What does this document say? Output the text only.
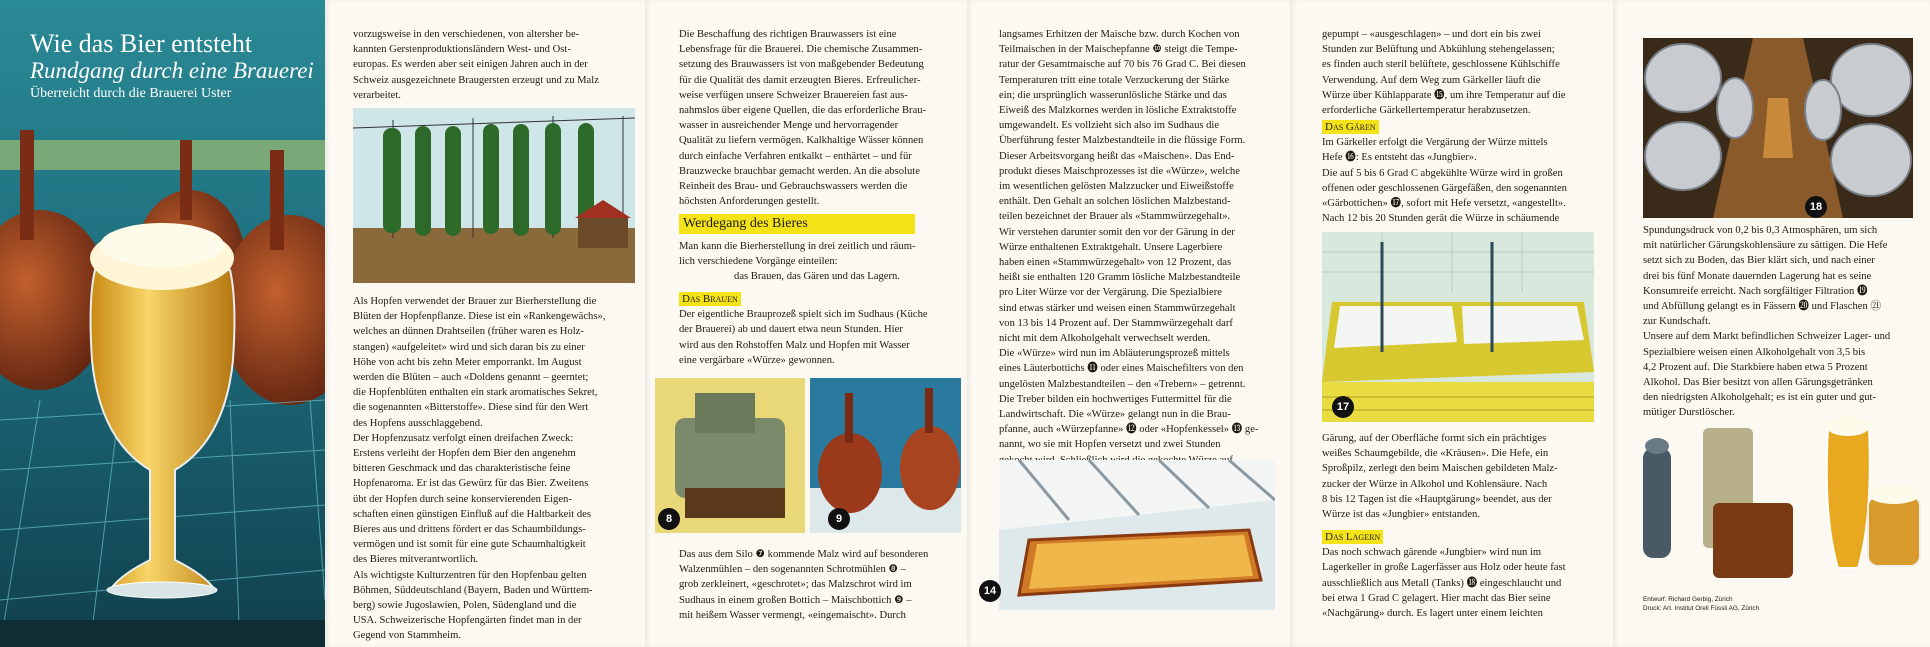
Wie das Bier entsteht
Rundgang durch eine Brauerei
Überreicht durch die Brauerei Uster

vorzugsweise in den verschiedenen, von altersher be-

kannten Gerstenproduktionsländern West- und Ost-

europas. Es werden aber seit einigen Jahren auch in der

Schweiz ausgezeichnete Braugersten erzeugt und zu Malz

verarbeitet.

Als Hopfen verwendet der Brauer zur Bierherstellung die

Blüten der Hopfenpflanze. Diese ist ein «Rankengewächs»,

welches an dünnen Drahtseilen (früher waren es Holz-

stangen) «aufgeleitet» wird und sich daran bis zu einer

Höhe von acht bis zehn Meter emporrankt. Im August

werden die Blüten – auch «Doldens genannt – geerntet;

die Hopfenblüten enthalten ein stark aromatisches Sekret,

die sogenannten «Bitterstoffe». Diese sind für den Wert

des Hopfens ausschlaggebend.

Der Hopfenzusatz verfolgt einen dreifachen Zweck:

Erstens verleiht der Hopfen dem Bier den angenehm

bitteren Geschmack und das charakteristische feine

Hopfenaroma. Er ist das Gewürz für das Bier. Zweitens

übt der Hopfen durch seine konservierenden Eigen-

schaften einen günstigen Einfluß auf die Haltbarkeit des

Bieres aus und drittens fördert er das Schaumbildungs-

vermögen und ist somit für eine gute Schaumhaltigkeit

des Bieres mitverantwortlich.

Als wichtigste Kulturzentren für den Hopfenbau gelten

Böhmen, Süddeutschland (Bayern, Baden und Württem-

berg) sowie Jugoslawien, Polen, Südengland und die

USA. Schweizerische Hopfengärten findet man in der

Gegend von Stammheim.

Die Beschaffung des richtigen Brauwassers ist eine

Lebensfrage für die Brauerei. Die chemische Zusammen-

setzung des Brauwassers ist von maßgebender Bedeutung

für die Qualität des damit erzeugten Bieres. Erfreulicher-

weise verfügen unsere Schweizer Brauereien fast aus-

nahmslos über eigene Quellen, die das erforderliche Brau-

wasser in ausreichender Menge und hervorragender

Qualität zu liefern vermögen. Kalkhaltige Wässer können

durch einfache Verfahren entkalkt – enthärtet – und für

Brauzwecke brauchbar gemacht werden. An die absolute

Reinheit des Brau- und Gebrauchswassers werden die

höchsten Anforderungen gestellt.

Werdegang des Bieres

Man kann die Bierherstellung in drei zeitlich und räum-

lich verschiedene Vorgänge einteilen:

das Brauen, das Gären und das Lagern.

Das Brauen

Der eigentliche Brauprozeß spielt sich im Sudhaus (Küche

der Brauerei) ab und dauert etwa neun Stunden. Hier

wird aus den Rohstoffen Malz und Hopfen mit Wasser

eine vergärbare «Würze» gewonnen.

8	9

Das aus dem Silo ❼ kommende Malz wird auf besonderen

Walzenmühlen – den sogenannten Schrotmühlen ❽ –

grob zerkleinert, «geschrotet»; das Malzschrot wird im

Sudhaus in einem großen Bottich – Maischbottich ❾ –

mit heißem Wasser vermengt, «eingemaischt». Durch

langsames Erhitzen der Maische bzw. durch Kochen von

Teilmaischen in der Maischepfanne ❿ steigt die Tempe-

ratur der Gesamtmaische auf 70 bis 76 Grad C. Bei diesen

Temperaturen tritt eine totale Verzuckerung der Stärke

ein; die ursprünglich wasserunlösliche Stärke und das

Eiweiß des Malzkornes werden in lösliche Extraktstoffe

umgewandelt. Es vollzieht sich also im Sudhaus die

Überführung fester Malzbestandteile in die flüssige Form.

Dieser Arbeitsvorgang heißt das «Maischen». Das End-

produkt dieses Maischprozesses ist die «Würze», welche

im wesentlichen gelösten Malzzucker und Eiweißstoffe

enthält. Den Gehalt an solchen löslichen Malzbestand-

teilen bezeichnet der Brauer als «Stammwürzegehalt».

Wir verstehen darunter somit den vor der Gärung in der

Würze enthaltenen Extraktgehalt. Unsere Lagerbiere

haben einen «Stammwürzegehalt» von 12 Prozent, das

heißt sie enthalten 120 Gramm lösliche Malzbestandteile

pro Liter Würze vor der Vergärung. Die Spezialbiere

sind etwas stärker und weisen einen Stammwürzegehalt

von 13 bis 14 Prozent auf. Der Stammwürzegehalt darf

nicht mit dem Alkoholgehalt verwechselt werden.

Die «Würze» wird nun im Abläuterungsprozeß mittels

eines Läuterbottichs ⓫ oder eines Maischefilters von den

ungelösten Malzbestandteilen – den «Trebern» – getrennt.

Die Treber bilden ein hochwertiges Futtermittel für die

Landwirtschaft. Die «Würze» gelangt nun in die Brau-

pfanne, auch «Würzepfanne» ⓬ oder «Hopfenkessel» ⓭ ge-

nannt, wo sie mit Hopfen versetzt und zwei Stunden

14

gepumpt – «ausgeschlagen» – und dort ein bis zwei

Stunden zur Belüftung und Abkühlung stehengelassen;

es finden auch steril belüftete, geschlossene Kühlschiffe

Verwendung. Auf dem Weg zum Gärkeller läuft die

Würze über Kühlapparate ⓯, um ihre Temperatur auf die

erforderliche Gärkellertemperatur herabzusetzen.

Das Gären

Im Gärkeller erfolgt die Vergärung der Würze mittels

Hefe ⓰: Es entsteht das «Jungbier».

Die auf 5 bis 6 Grad C abgekühlte Würze wird in großen

offenen oder geschlossenen Gärgefäßen, den sogenannten

«Gärbottichen» ⓱, sofort mit Hefe versetzt, «angestellt».

Nach 12 bis 20 Stunden gerät die Würze in schäumende

17

Gärung, auf der Oberfläche formt sich ein prächtiges

weißes Schaumgebilde, die «Kräusen». Die Hefe, ein

Sproßpilz, zerlegt den beim Maischen gebildeten Malz-

zucker der Würze in Alkohol und Kohlensäure. Nach

8 bis 12 Tagen ist die «Hauptgärung» beendet, aus der

Würze ist das «Jungbier» entstanden.

Das Lagern

Das noch schwach gärende «Jungbier» wird nun im

Lagerkeller in große Lagerfässer aus Holz oder heute fast

ausschließlich aus Metall (Tanks) ⓲ eingeschlaucht und

bei etwa 1 Grad C gelagert. Hier macht das Bier seine

«Nachgärung» durch. Es lagert unter einem leichten

18

Spundungsdruck von 0,2 bis 0,3 Atmosphären, um sich

mit natürlicher Gärungskohlensäure zu sättigen. Die Hefe

setzt sich zu Boden, das Bier klärt sich, und nach einer

drei bis fünf Monate dauernden Lagerung hat es seine

Konsumreife erreicht. Nach sorgfältiger Filtration ⓳

und Abfüllung gelangt es in Fässern ⓴ und Flaschen ㉑

zur Kundschaft.

Unsere auf dem Markt befindlichen Schweizer Lager- und

Spezialbiere weisen einen Alkoholgehalt von 3,5 bis

4,2 Prozent auf. Die Starkbiere haben etwa 5 Prozent

Alkohol. Das Bier besitzt von allen Gärungsgetränken

den niedrigsten Alkoholgehalt; es ist ein guter und gut-

mütiger Durstlöscher.

Entwurf: Richard Gerbig, Zürich
Druck: Art. Institut Orell Füssli AG, Zürich
